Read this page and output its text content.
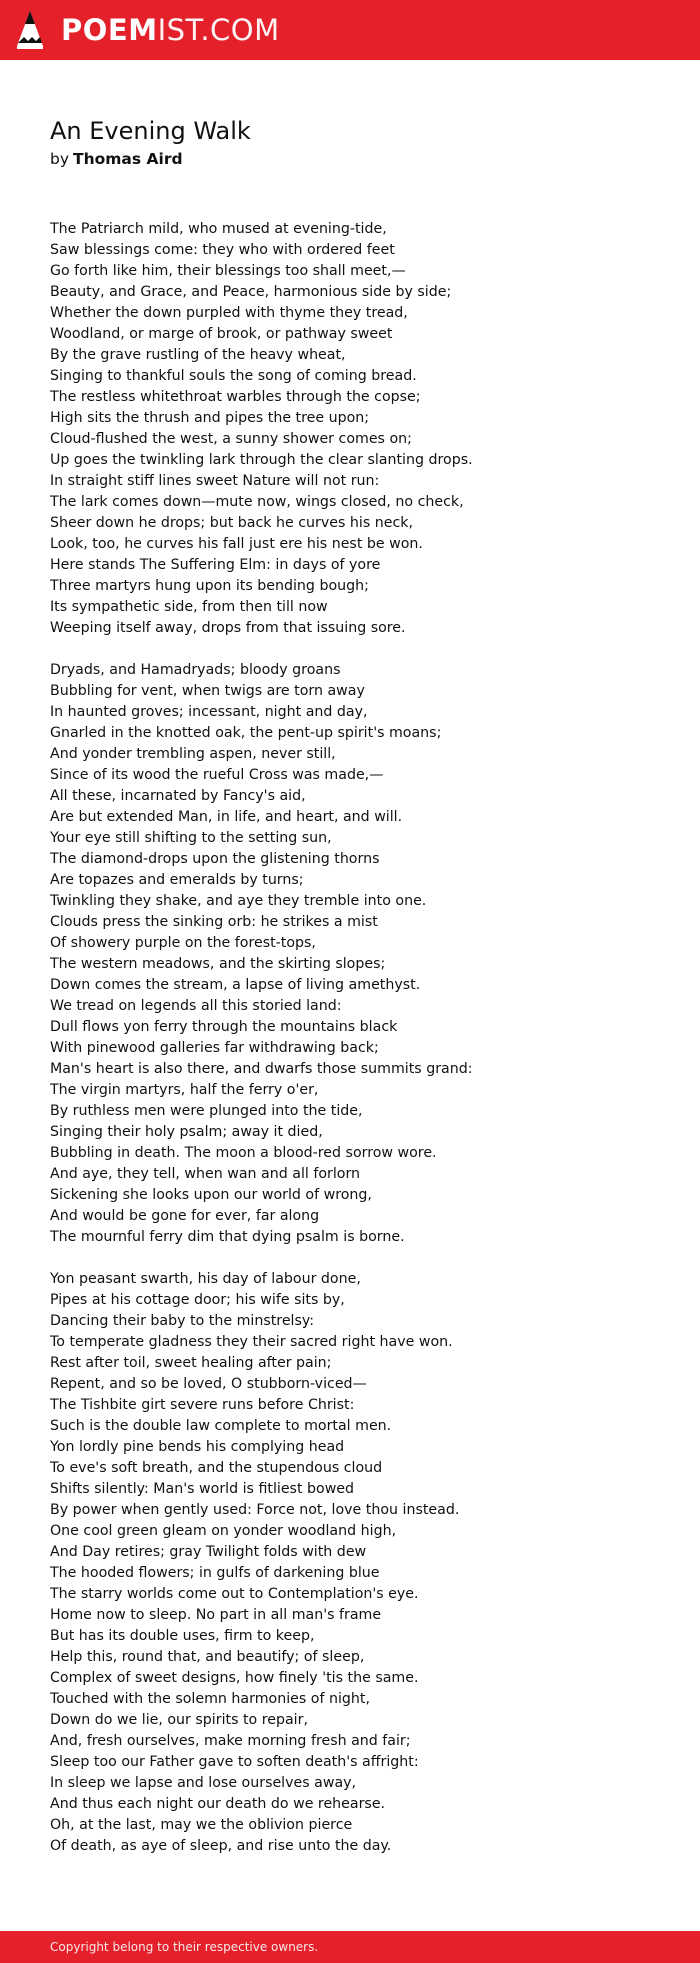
POEMIST.COM
An Evening Walk
by Thomas Aird
The Patriarch mild, who mused at evening-tide,
Saw blessings come: they who with ordered feet
Go forth like him, their blessings too shall meet,—
Beauty, and Grace, and Peace, harmonious side by side;
Whether the down purpled with thyme they tread,
Woodland, or marge of brook, or pathway sweet
By the grave rustling of the heavy wheat,
Singing to thankful souls the song of coming bread.
The restless whitethroat warbles through the copse;
High sits the thrush and pipes the tree upon;
Cloud-flushed the west, a sunny shower comes on;
Up goes the twinkling lark through the clear slanting drops.
In straight stiff lines sweet Nature will not run:
The lark comes down—mute now, wings closed, no check,
Sheer down he drops; but back he curves his neck,
Look, too, he curves his fall just ere his nest be won.
Here stands The Suffering Elm: in days of yore
Three martyrs hung upon its bending bough;
Its sympathetic side, from then till now
Weeping itself away, drops from that issuing sore.
Dryads, and Hamadryads; bloody groans
Bubbling for vent, when twigs are torn away
In haunted groves; incessant, night and day,
Gnarled in the knotted oak, the pent-up spirit's moans;
And yonder trembling aspen, never still,
Since of its wood the rueful Cross was made,—
All these, incarnated by Fancy's aid,
Are but extended Man, in life, and heart, and will.
Your eye still shifting to the setting sun,
The diamond-drops upon the glistening thorns
Are topazes and emeralds by turns;
Twinkling they shake, and aye they tremble into one.
Clouds press the sinking orb: he strikes a mist
Of showery purple on the forest-tops,
The western meadows, and the skirting slopes;
Down comes the stream, a lapse of living amethyst.
We tread on legends all this storied land:
Dull flows yon ferry through the mountains black
With pinewood galleries far withdrawing back;
Man's heart is also there, and dwarfs those summits grand:
The virgin martyrs, half the ferry o'er,
By ruthless men were plunged into the tide,
Singing their holy psalm; away it died,
Bubbling in death. The moon a blood-red sorrow wore.
And aye, they tell, when wan and all forlorn
Sickening she looks upon our world of wrong,
And would be gone for ever, far along
The mournful ferry dim that dying psalm is borne.
Yon peasant swarth, his day of labour done,
Pipes at his cottage door; his wife sits by,
Dancing their baby to the minstrelsy:
To temperate gladness they their sacred right have won.
Rest after toil, sweet healing after pain;
Repent, and so be loved, O stubborn-viced—
The Tishbite girt severe runs before Christ:
Such is the double law complete to mortal men.
Yon lordly pine bends his complying head
To eve's soft breath, and the stupendous cloud
Shifts silently: Man's world is fitliest bowed
By power when gently used: Force not, love thou instead.
One cool green gleam on yonder woodland high,
And Day retires; gray Twilight folds with dew
The hooded flowers; in gulfs of darkening blue
The starry worlds come out to Contemplation's eye.
Home now to sleep. No part in all man's frame
But has its double uses, firm to keep,
Help this, round that, and beautify; of sleep,
Complex of sweet designs, how finely 'tis the same.
Touched with the solemn harmonies of night,
Down do we lie, our spirits to repair,
And, fresh ourselves, make morning fresh and fair;
Sleep too our Father gave to soften death's affright:
In sleep we lapse and lose ourselves away,
And thus each night our death do we rehearse.
Oh, at the last, may we the oblivion pierce
Of death, as aye of sleep, and rise unto the day.
Copyright belong to their respective owners.
